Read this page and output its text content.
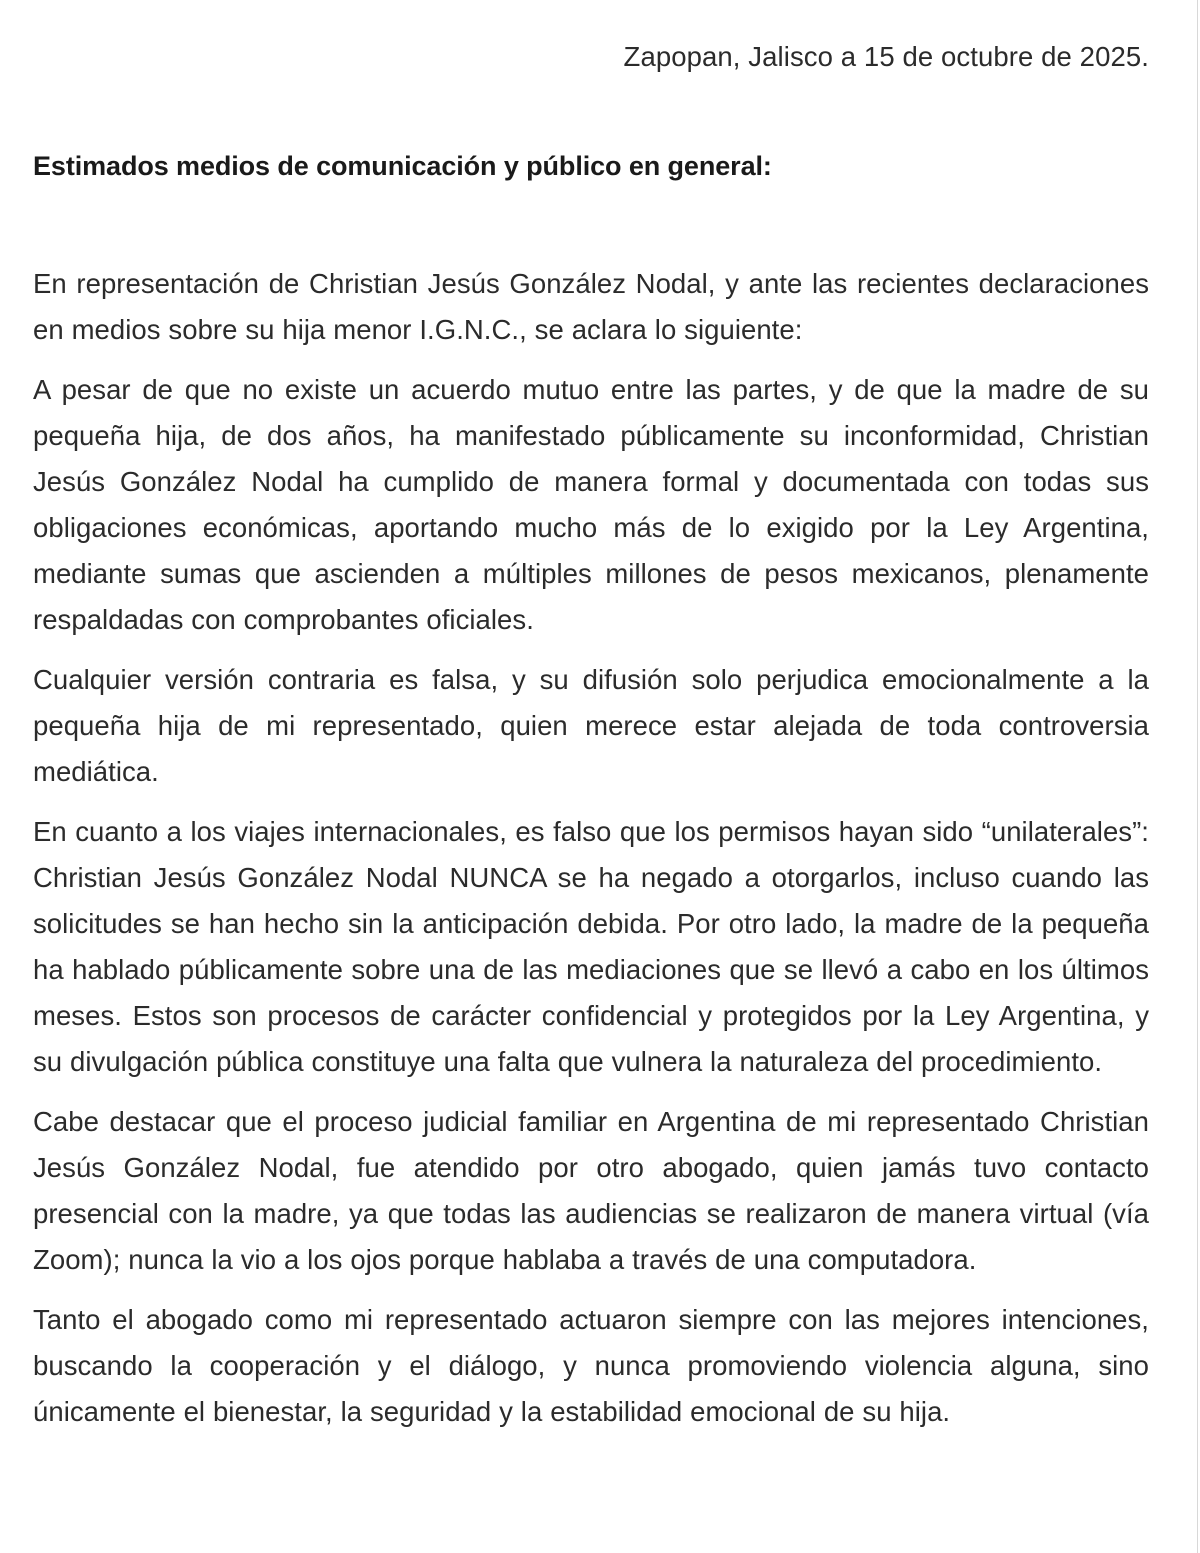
Zapopan, Jalisco a 15 de octubre de 2025.

Estimados medios de comunicación y público en general:

En representación de Christian Jesús González Nodal, y ante las recientes declaraciones en medios sobre su hija menor I.G.N.C., se aclara lo siguiente:

A pesar de que no existe un acuerdo mutuo entre las partes, y de que la madre de su pequeña hija, de dos años, ha manifestado públicamente su inconformidad, Christian Jesús González Nodal ha cumplido de manera formal y documentada con todas sus obligaciones económicas, aportando mucho más de lo exigido por la Ley Argentina, mediante sumas que ascienden a múltiples millones de pesos mexicanos, plenamente respaldadas con comprobantes oficiales.

Cualquier versión contraria es falsa, y su difusión solo perjudica emocionalmente a la pequeña hija de mi representado, quien merece estar alejada de toda controversia mediática.

En cuanto a los viajes internacionales, es falso que los permisos hayan sido “unilaterales”: Christian Jesús González Nodal NUNCA se ha negado a otorgarlos, incluso cuando las solicitudes se han hecho sin la anticipación debida. Por otro lado, la madre de la pequeña ha hablado públicamente sobre una de las mediaciones que se llevó a cabo en los últimos meses. Estos son procesos de carácter confidencial y protegidos por la Ley Argentina, y su divulgación pública constituye una falta que vulnera la naturaleza del procedimiento.

Cabe destacar que el proceso judicial familiar en Argentina de mi representado Christian Jesús González Nodal, fue atendido por otro abogado, quien jamás tuvo contacto presencial con la madre, ya que todas las audiencias se realizaron de manera virtual (vía Zoom); nunca la vio a los ojos porque hablaba a través de una computadora.

Tanto el abogado como mi representado actuaron siempre con las mejores intenciones, buscando la cooperación y el diálogo, y nunca promoviendo violencia alguna, sino únicamente el bienestar, la seguridad y la estabilidad emocional de su hija.
